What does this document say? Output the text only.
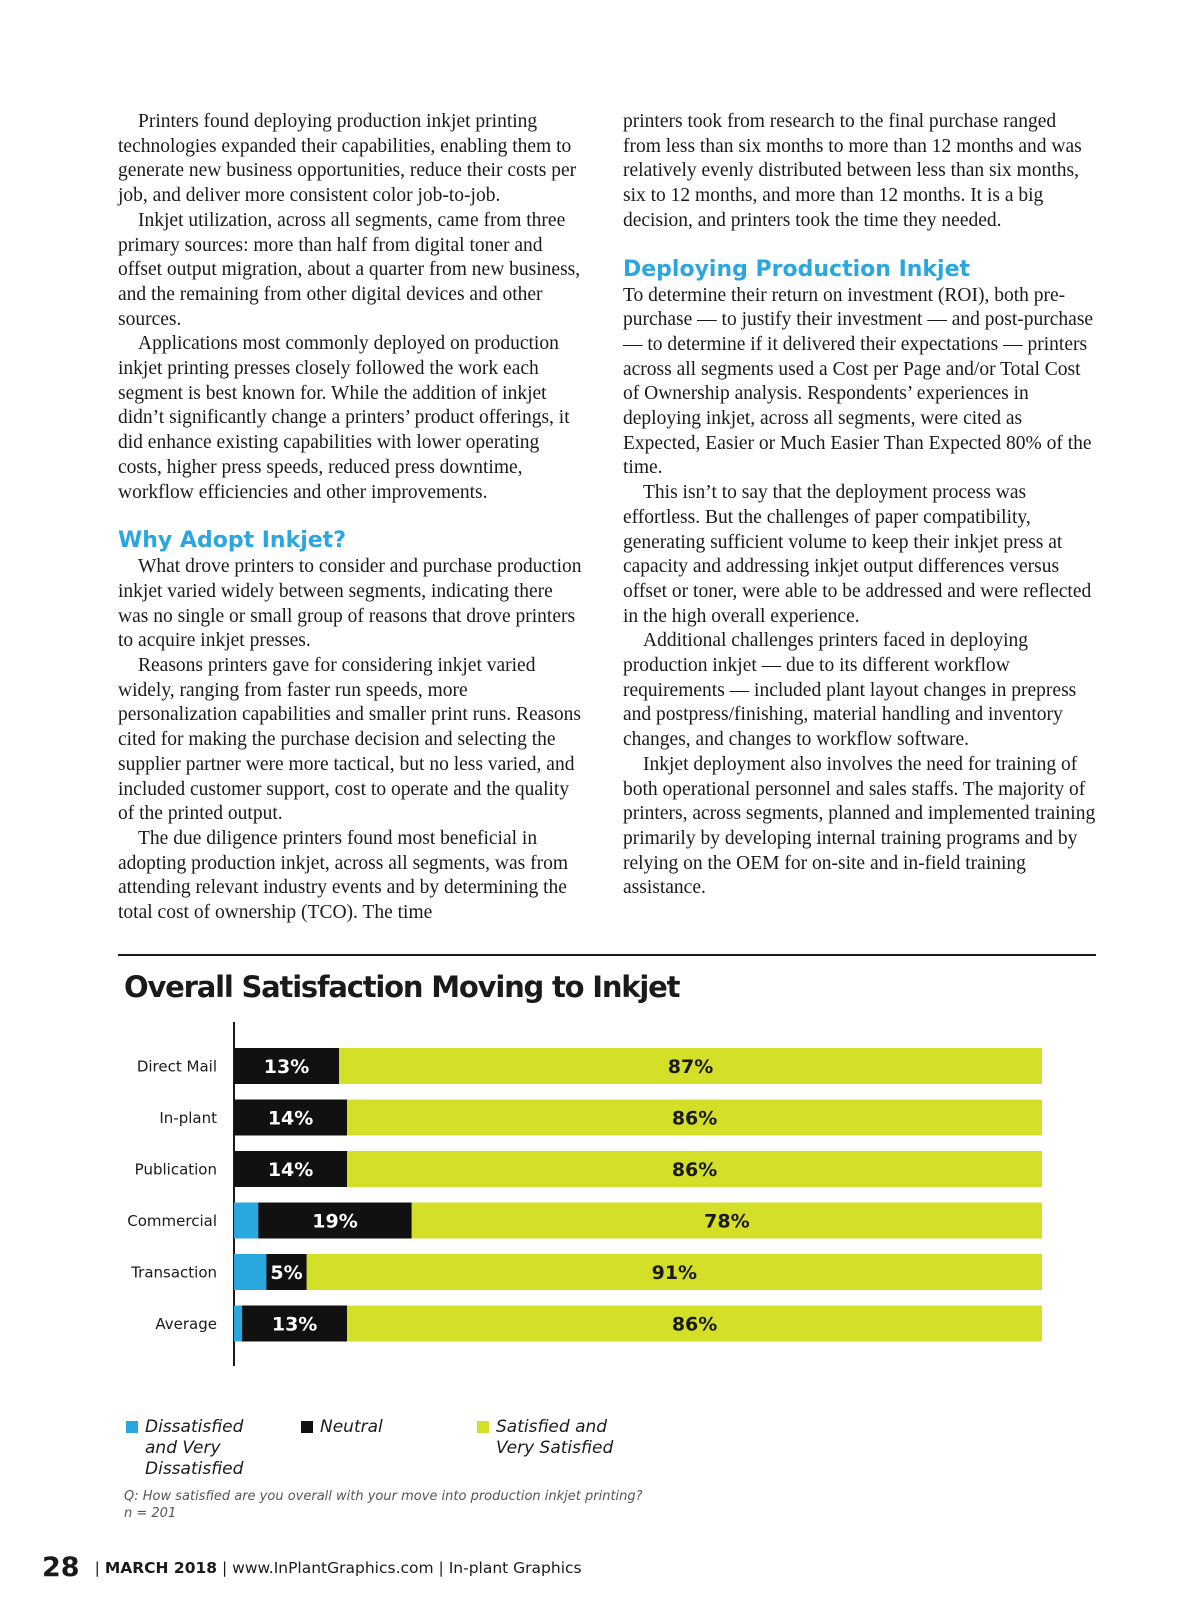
Printers found deploying production inkjet printing technologies expanded their capabilities, enabling them to generate new business opportunities, reduce their costs per job, and deliver more consistent color job-to-job.

Inkjet utilization, across all segments, came from three primary sources: more than half from digital toner and offset output migration, about a quarter from new business, and the remaining from other digital devices and other sources.

Applications most commonly deployed on production inkjet printing presses closely followed the work each segment is best known for. While the addition of inkjet didn’t significantly change a printers’ product offerings, it did enhance existing capabilities with lower operating costs, higher press speeds, reduced press downtime, workflow efficiencies and other improvements.

Why Adopt Inkjet?

What drove printers to consider and purchase production inkjet varied widely between segments, indicating there was no single or small group of reasons that drove printers to acquire inkjet presses.

Reasons printers gave for considering inkjet varied widely, ranging from faster run speeds, more personalization capabilities and smaller print runs. Reasons cited for making the purchase decision and selecting the supplier partner were more tactical, but no less varied, and included customer support, cost to operate and the quality of the printed output.

The due diligence printers found most beneficial in adopting production inkjet, across all segments, was from attending relevant industry events and by determining the total cost of ownership (TCO). The time

printers took from research to the final purchase ranged from less than six months to more than 12 months and was relatively evenly distributed between less than six months, six to 12 months, and more than 12 months. It is a big decision, and printers took the time they needed.

Deploying Production Inkjet

To determine their return on investment (ROI), both pre-purchase — to justify their investment — and post-purchase — to determine if it delivered their expectations — printers across all segments used a Cost per Page and/or Total Cost of Ownership analysis. Respondents’ experiences in deploying inkjet, across all segments, were cited as Expected, Easier or Much Easier Than Expected 80% of the time.

This isn’t to say that the deployment process was effortless. But the challenges of paper compatibility, generating sufficient volume to keep their inkjet press at capacity and addressing inkjet output differences versus offset or toner, were able to be addressed and were reflected in the high overall experience.

Additional challenges printers faced in deploying production inkjet — due to its different workflow requirements — included plant layout changes in prepress and postpress/finishing, material handling and inventory changes, and changes to workflow software.

Inkjet deployment also involves the need for training of both operational personnel and sales staffs. The majority of printers, across segments, planned and implemented training primarily by developing internal training programs and by relying on the OEM for on-site and in-field training assistance.

Overall Satisfaction Moving to Inkjet
Direct Mail 13%	87%
In-plant	14%	86%
Publication	14%	86%
Commercial	19%	78%
Transaction	5%	91%
Average	13%	86%
Dissatisfied
and Very
Dissatisfied
Neutral	Satisfied and
Very Satisfied
Q: How satisfied are you overall with your move into production inkjet printing?
n = 201
28 | MARCH 2018 | www.InPlantGraphics.com | In-plant Graphics
